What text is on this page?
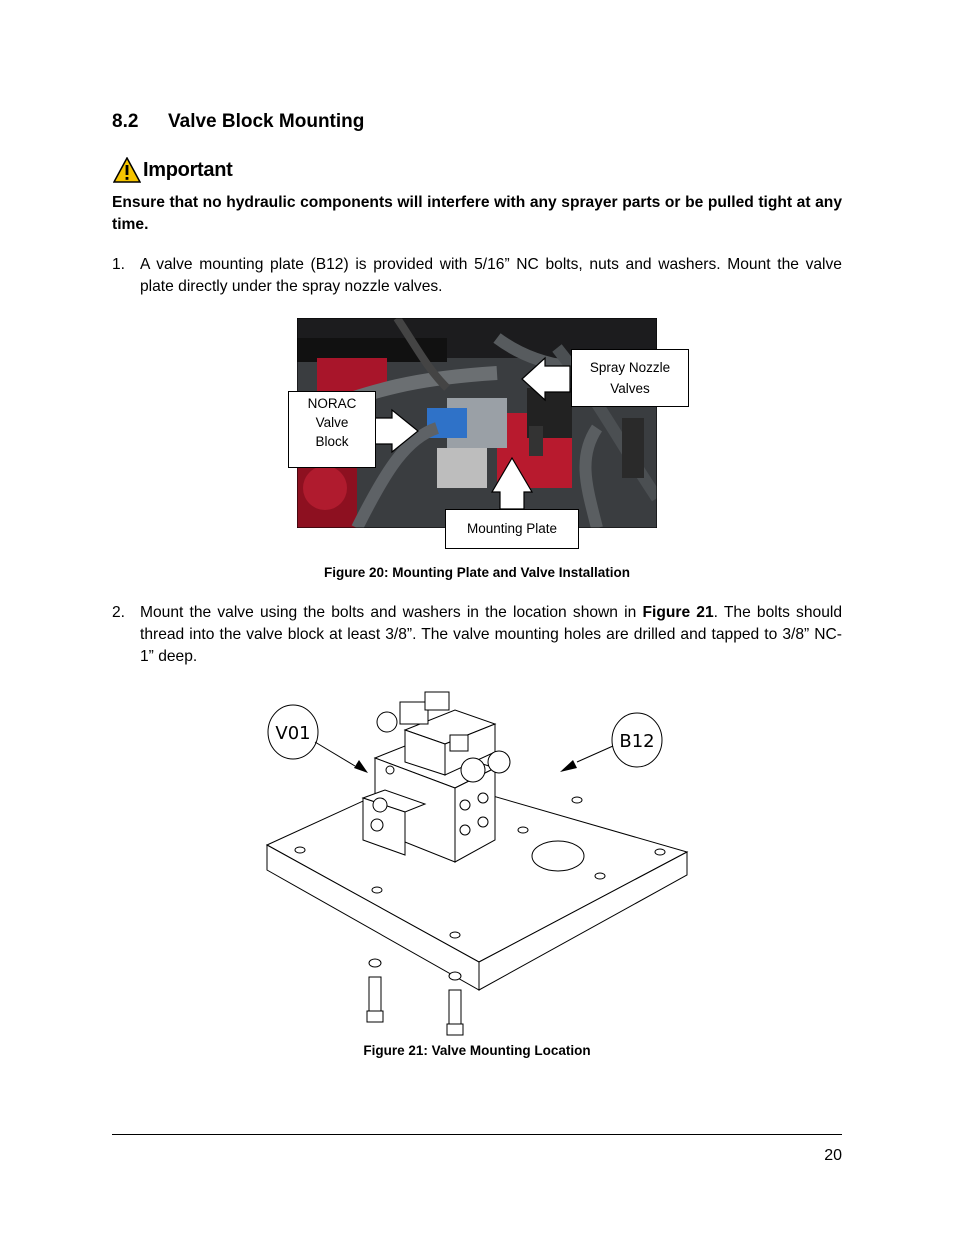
8.2 Valve Block Mounting
Important
Ensure that no hydraulic components will interfere with any sprayer parts or be pulled tight at any time.
1. A valve mounting plate (B12) is provided with 5/16” NC bolts, nuts and washers. Mount the valve plate directly under the spray nozzle valves.
Spray Nozzle
Valves
NORAC
Valve
Block
Mounting Plate
Figure 20: Mounting Plate and Valve Installation
2. Mount the valve using the bolts and washers in the location shown in Figure 21. The bolts should thread into the valve block at least 3/8”. The valve mounting holes are drilled and tapped to 3/8” NC-1” deep.
V01	B12
Figure 21: Valve Mounting Location
20
